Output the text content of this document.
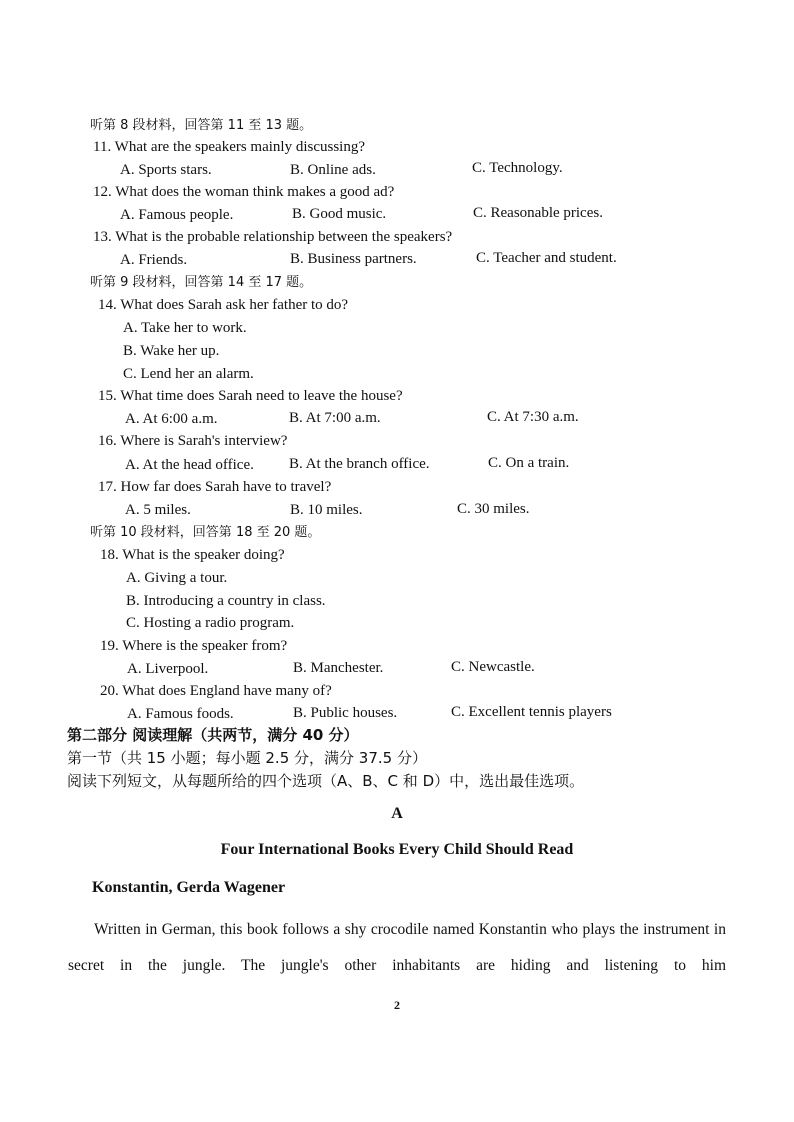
听第 8 段材料，回答第 11 至 13 题。
11. What are the speakers mainly discussing?
A. Sports stars.	B. Online ads.	C. Technology.
12. What does the woman think makes a good ad?
A. Famous people.	B. Good music.	C. Reasonable prices.
13. What is the probable relationship between the speakers?
A. Friends.	B. Business partners.	C. Teacher and student.
听第 9 段材料，回答第 14 至 17 题。
14. What does Sarah ask her father to do?
A. Take her to work.
B. Wake her up.
C. Lend her an alarm.
15. What time does Sarah need to leave the house?
A. At 6:00 a.m.	B. At 7:00 a.m.	C. At 7:30 a.m.
16. Where is Sarah's interview?
A. At the head office. B. At the branch office.	C. On a train.
17. How far does Sarah have to travel?
A. 5 miles.	B. 10 miles.	C. 30 miles.
听第 10 段材料，回答第 18 至 20 题。
18. What is the speaker doing?
A. Giving a tour.
B. Introducing a country in class.
C. Hosting a radio program.
19. Where is the speaker from?
A. Liverpool.	B. Manchester.	C. Newcastle.
20. What does England have many of?
A. Famous foods.	B. Public houses.	C. Excellent tennis players
第二部分 阅读理解（共两节，满分 40 分）
第一节（共 15 小题；每小题 2.5 分，满分 37.5 分）
阅读下列短文，从每题所给的四个选项（A、B、C 和 D）中，选出最佳选项。
A
Four International Books Every Child Should Read
Konstantin, Gerda Wagener
Written in German, this book follows a shy crocodile named Konstantin who plays the instrument in secret in the jungle. The jungle's other inhabitants are hiding and listening to him
2
